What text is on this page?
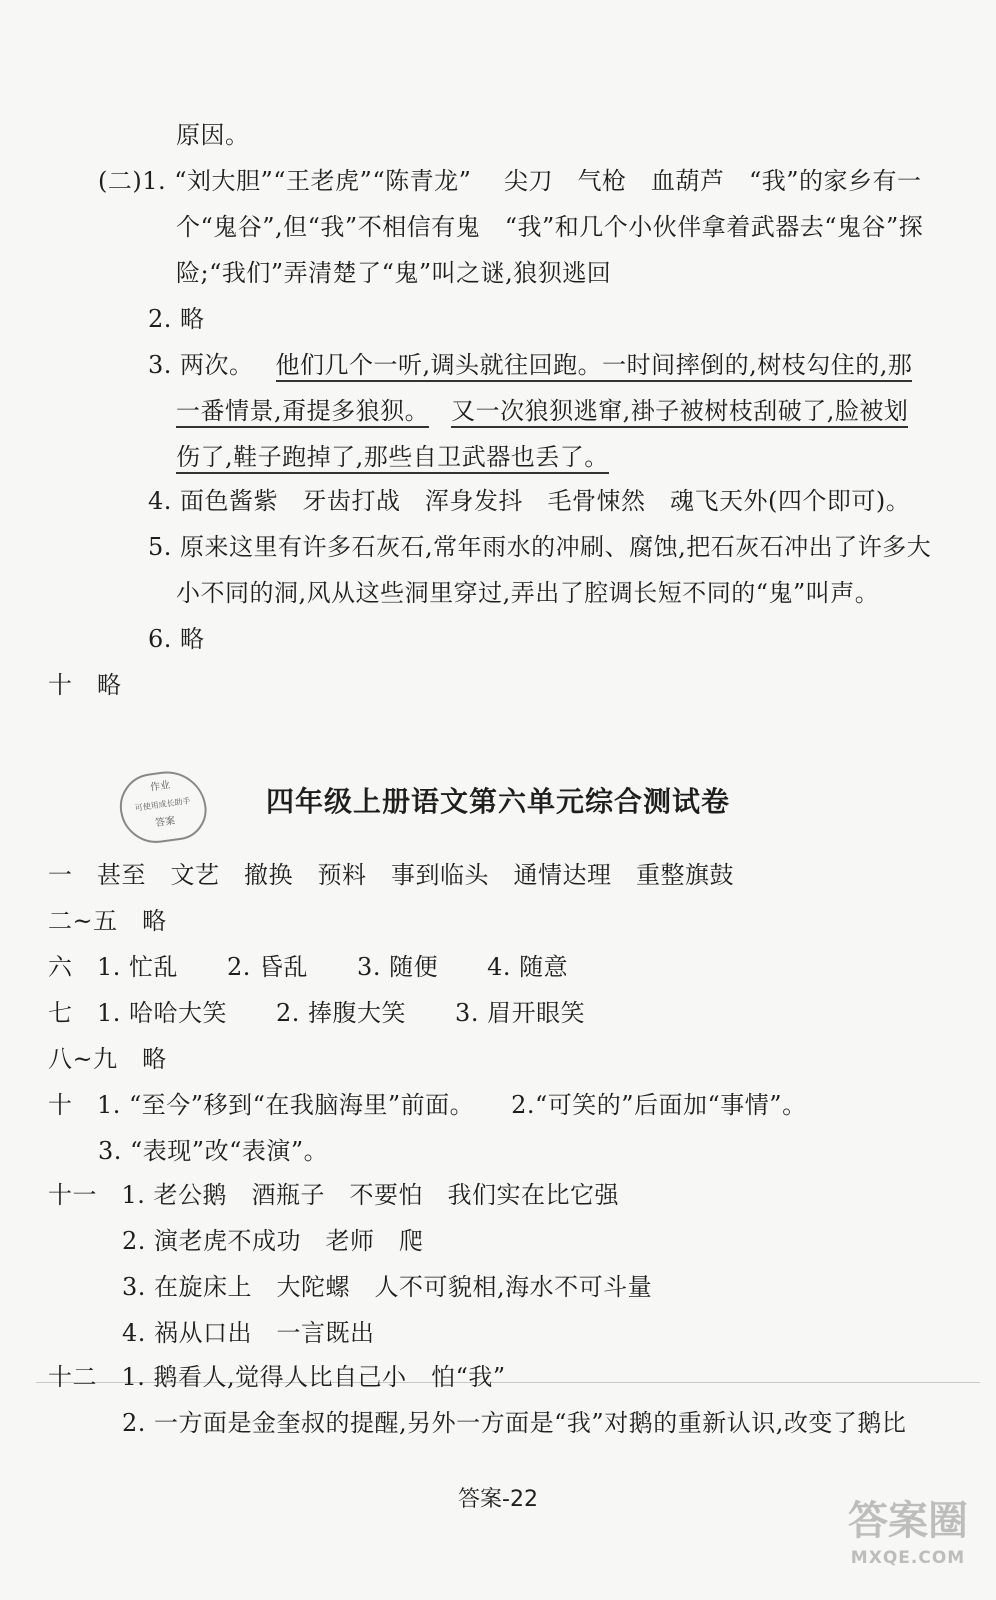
原因。
(二)1. “刘大胆”“王老虎”“陈青龙”　 尖刀　气枪　血葫芦　“我”的家乡有一
个“鬼谷”,但“我”不相信有鬼　“我”和几个小伙伴拿着武器去“鬼谷”探
险;“我们”弄清楚了“鬼”叫之谜,狼狈逃回
2. 略
3. 两次。 他们几个一听,调头就往回跑。一时间摔倒的,树枝勾住的,那
一番情景,甭提多狼狈。 又一次狼狈逃窜,褂子被树枝刮破了,脸被划
伤了,鞋子跑掉了,那些自卫武器也丢了。
4. 面色酱紫　牙齿打战　浑身发抖　毛骨悚然　魂飞天外(四个即可)。
5. 原来这里有许多石灰石,常年雨水的冲刷、腐蚀,把石灰石冲出了许多大
小不同的洞,风从这些洞里穿过,弄出了腔调长短不同的“鬼”叫声。
6. 略
十　略
作业
可使用成长助手
答案
四年级上册语文第六单元综合测试卷
一　甚至　文艺　撤换　预料　事到临头　通情达理　重整旗鼓
二~五　略
六　1. 忙乱　　2. 昏乱　　3. 随便　　4. 随意
七　1. 哈哈大笑　　2. 捧腹大笑　　3. 眉开眼笑
八~九　略
十　1. “至今”移到“在我脑海里”前面。　　2.“可笑的”后面加“事情”。
3. “表现”改“表演”。
十一　1. 老公鹅　酒瓶子　不要怕　我们实在比它强
2. 演老虎不成功　老师　爬
3. 在旋床上　大陀螺　人不可貌相,海水不可斗量
4. 祸从口出　一言既出
十二　1. 鹅看人,觉得人比自己小　怕“我”
2. 一方面是金奎叔的提醒,另外一方面是“我”对鹅的重新认识,改变了鹅比
答案-22	答案圈
MXQE.COM
